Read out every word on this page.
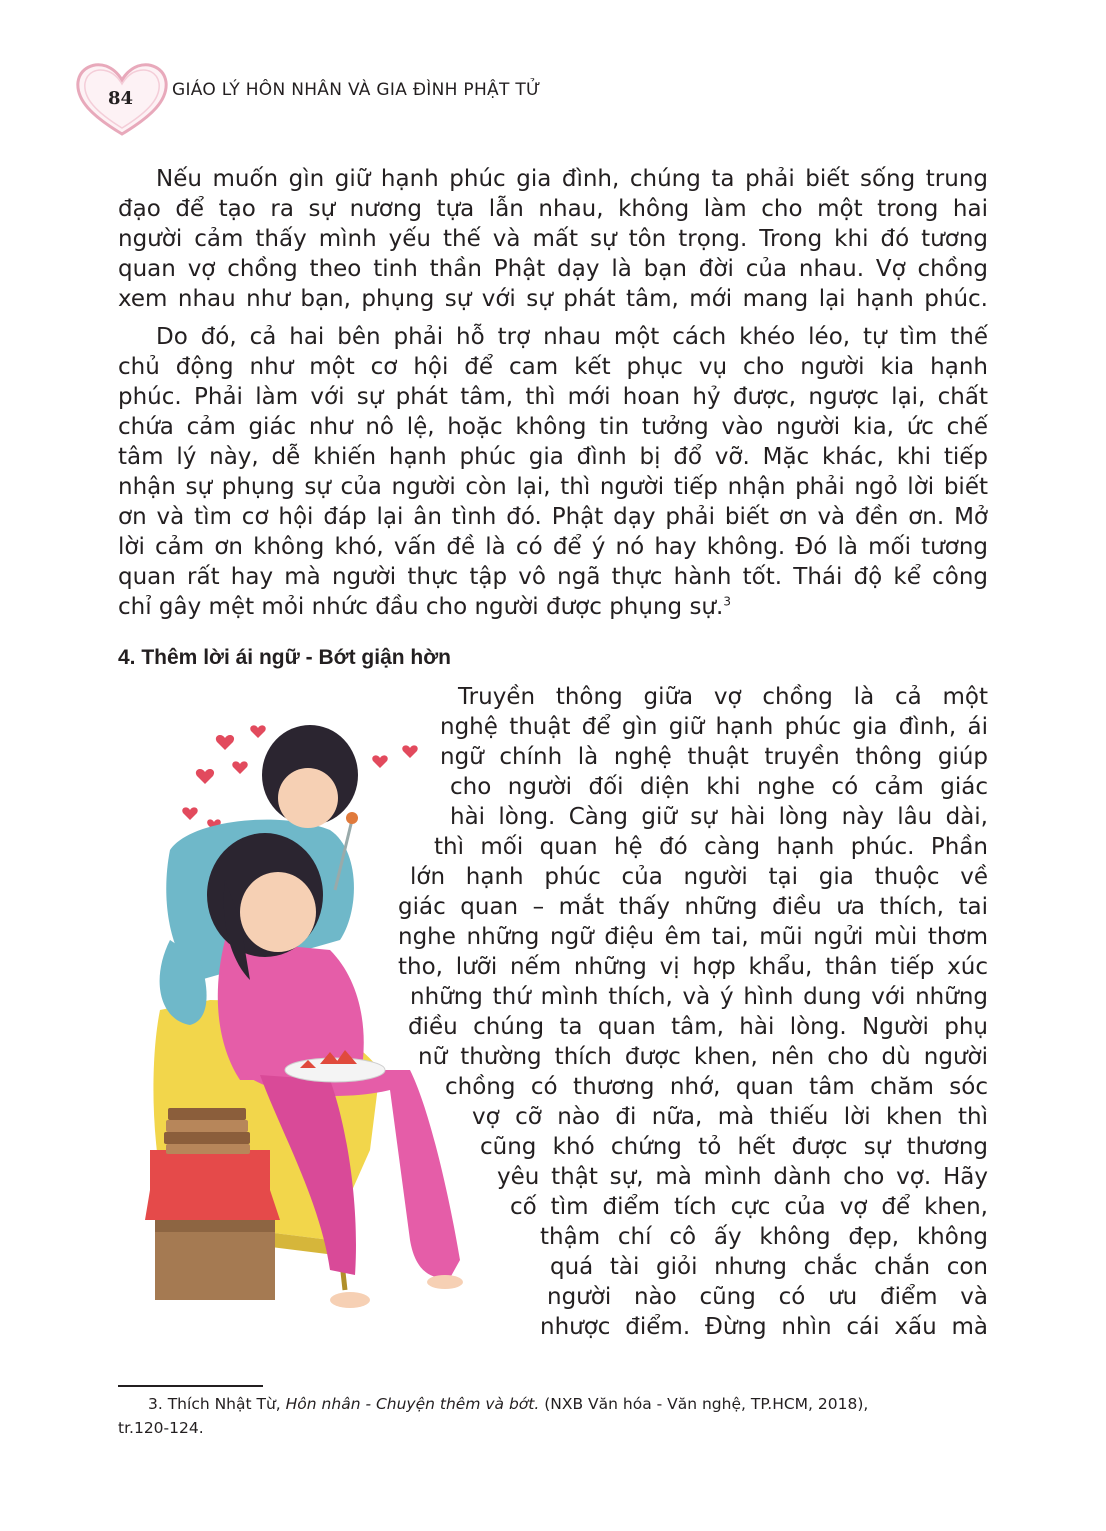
84 GIÁO LÝ HÔN NHÂN VÀ GIA ĐÌNH PHẬT TỬ
Nếu muốn gìn giữ hạnh phúc gia đình, chúng ta phải biết sống trung
đạo để tạo ra sự nương tựa lẫn nhau, không làm cho một trong hai
người cảm thấy mình yếu thế và mất sự tôn trọng. Trong khi đó tương
quan vợ chồng theo tinh thần Phật dạy là bạn đời của nhau. Vợ chồng
xem nhau như bạn, phụng sự với sự phát tâm, mới mang lại hạnh phúc.
Do đó, cả hai bên phải hỗ trợ nhau một cách khéo léo, tự tìm thế
chủ động như một cơ hội để cam kết phục vụ cho người kia hạnh
phúc. Phải làm với sự phát tâm, thì mới hoan hỷ được, ngược lại, chất
chứa cảm giác như nô lệ, hoặc không tin tưởng vào người kia, ức chế
tâm lý này, dễ khiến hạnh phúc gia đình bị đổ vỡ. Mặc khác, khi tiếp
nhận sự phụng sự của người còn lại, thì người tiếp nhận phải ngỏ lời biết
ơn và tìm cơ hội đáp lại ân tình đó. Phật dạy phải biết ơn và đền ơn. Mở
lời cảm ơn không khó, vấn đề là có để ý nó hay không. Đó là mối tương
quan rất hay mà người thực tập vô ngã thực hành tốt. Thái độ kể công
chỉ gây mệt mỏi nhức đầu cho người được phụng sự.$^3$
4. Thêm lời ái ngữ - Bớt giận hờn
Truyền thông giữa vợ chồng là cả một
nghệ thuật để gìn giữ hạnh phúc gia đình, ái
ngữ chính là nghệ thuật truyền thông giúp
cho người đối diện khi nghe có cảm giác
hài lòng. Càng giữ sự hài lòng này lâu dài,
thì mối quan hệ đó càng hạnh phúc. Phần
lớn hạnh phúc của người tại gia thuộc về
giác quan – mắt thấy những điều ưa thích, tai
nghe những ngữ điệu êm tai, mũi ngửi mùi thơm
tho, lưỡi nếm những vị hợp khẩu, thân tiếp xúc
những thứ mình thích, và ý hình dung với những
điều chúng ta quan tâm, hài lòng. Người phụ
nữ thường thích được khen, nên cho dù người
chồng có thương nhớ, quan tâm chăm sóc
vợ cỡ nào đi nữa, mà thiếu lời khen thì
cũng khó chứng tỏ hết được sự thương
yêu thật sự, mà mình dành cho vợ. Hãy
cố tìm điểm tích cực của vợ để khen,
thậm chí cô ấy không đẹp, không
quá tài giỏi nhưng chắc chắn con
người nào cũng có ưu điểm và
nhược điểm. Đừng nhìn cái xấu mà
3. Thích Nhật Từ, Hôn nhân - Chuyện thêm và bớt. (NXB Văn hóa - Văn nghệ, TP.HCM, 2018),
tr.120-124.
